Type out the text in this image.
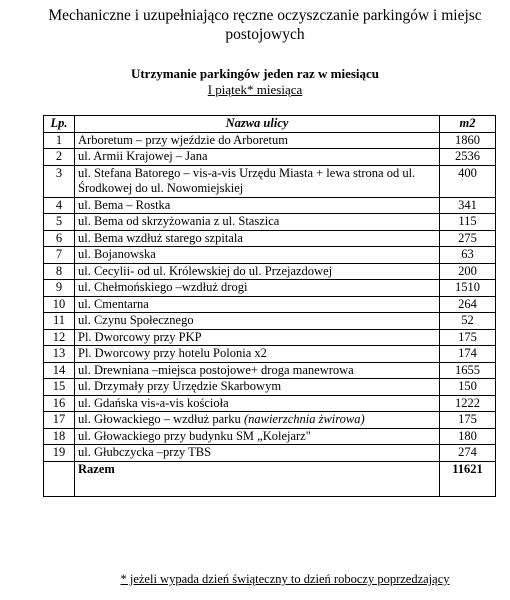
Mechaniczne i uzupełniająco ręczne oczyszczanie parkingów i miejsc
postojowych
Utrzymanie parkingów jeden raz w miesiącu
I piątek* miesiąca
Lp.	Nazwa ulicy	m2
1	Arboretum – przy wjeździe do Arboretum	1860
2	ul. Armii Krajowej – Jana	2536
3	ul. Stefana Batorego – vis-a-vis Urzędu Miasta + lewa strona od ul. Środkowej do ul. Nowomiejskiej	400
4	ul. Bema – Rostka	341
5	ul. Bema od skrzyżowania z ul. Staszica	115
6	ul. Bema wzdłuż starego szpitala	275
7	ul. Bojanowska	63
8	ul. Cecylii- od ul. Królewskiej do ul. Przejazdowej	200
9	ul. Chełmońskiego –wzdłuż drogi	1510
10	ul. Cmentarna	264
11	ul. Czynu Społecznego	52
12	Pl. Dworcowy przy PKP	175
13	Pl. Dworcowy przy hotelu Polonia x2	174
14	ul. Drewniana –miejsca postojowe+ droga manewrowa	1655
15	ul. Drzymały przy Urzędzie Skarbowym	150
16	ul. Gdańska vis-a-vis kościoła	1222
17	ul. Głowackiego – wzdłuż parku (nawierzchnia żwirowa)	175
18	ul. Głowackiego przy budynku SM „Kolejarz"	180
19	ul. Głubczycka –przy TBS	274
	Razem	11621
* jeżeli wypada dzień świąteczny to dzień roboczy poprzedzający
